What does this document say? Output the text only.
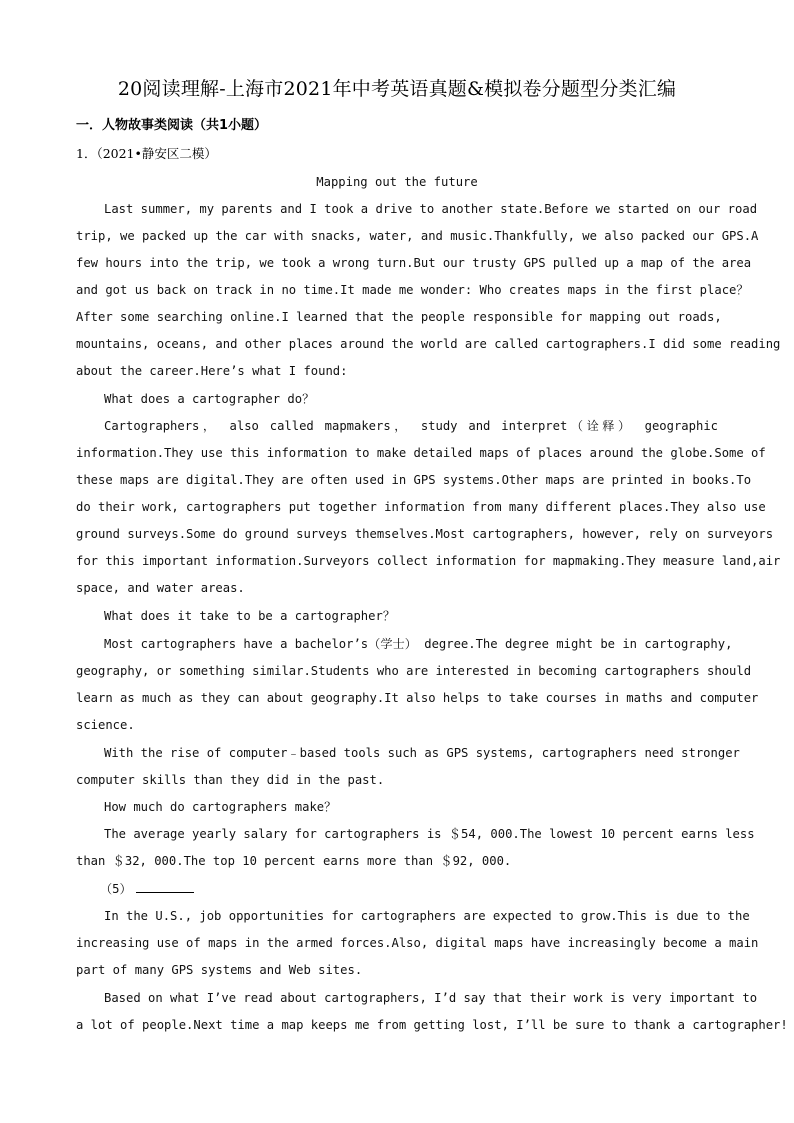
20阅读理解-上海市2021年中考英语真题&模拟卷分题型分类汇编
一．人物故事类阅读（共1小题）
1．（2021•静安区二模）
Mapping out the future
Last summer, my parents and I took a drive to another state.Before we started on our road
trip, we packed up the car with snacks, water, and music.Thankfully, we also packed our GPS.A
few hours into the trip, we took a wrong turn.But our trusty GPS pulled up a map of the area
and got us back on track in no time.It made me wonder: Who creates maps in the first place？
After some searching online.I learned that the people responsible for mapping out roads,
mountains, oceans, and other places around the world are called cartographers.I did some reading
about the career.Here’s what I found:
What does a cartographer do？
Cartographers， also called mapmakers， study and interpret（诠释） geographic
information.They use this information to make detailed maps of places around the globe.Some of
these maps are digital.They are often used in GPS systems.Other maps are printed in books.To
do their work, cartographers put together information from many different places.They also use
ground surveys.Some do ground surveys themselves.Most cartographers, however, rely on surveyors
for this important information.Surveyors collect information for mapmaking.They measure land,air
space, and water areas.
What does it take to be a cartographer？
Most cartographers have a bachelor’s（学士） degree.The degree might be in cartography,
geography, or something similar.Students who are interested in becoming cartographers should
learn as much as they can about geography.It also helps to take courses in maths and computer
science.
With the rise of computer﹣based tools such as GPS systems, cartographers need stronger
computer skills than they did in the past.
How much do cartographers make？
The average yearly salary for cartographers is ＄54, 000.The lowest 10 percent earns less
than ＄32, 000.The top 10 percent earns more than ＄92, 000.
（5）
In the U.S., job opportunities for cartographers are expected to grow.This is due to the
increasing use of maps in the armed forces.Also, digital maps have increasingly become a main
part of many GPS systems and Web sites.
Based on what I’ve read about cartographers, I’d say that their work is very important to
a lot of people.Next time a map keeps me from getting lost, I’ll be sure to thank a cartographer!
